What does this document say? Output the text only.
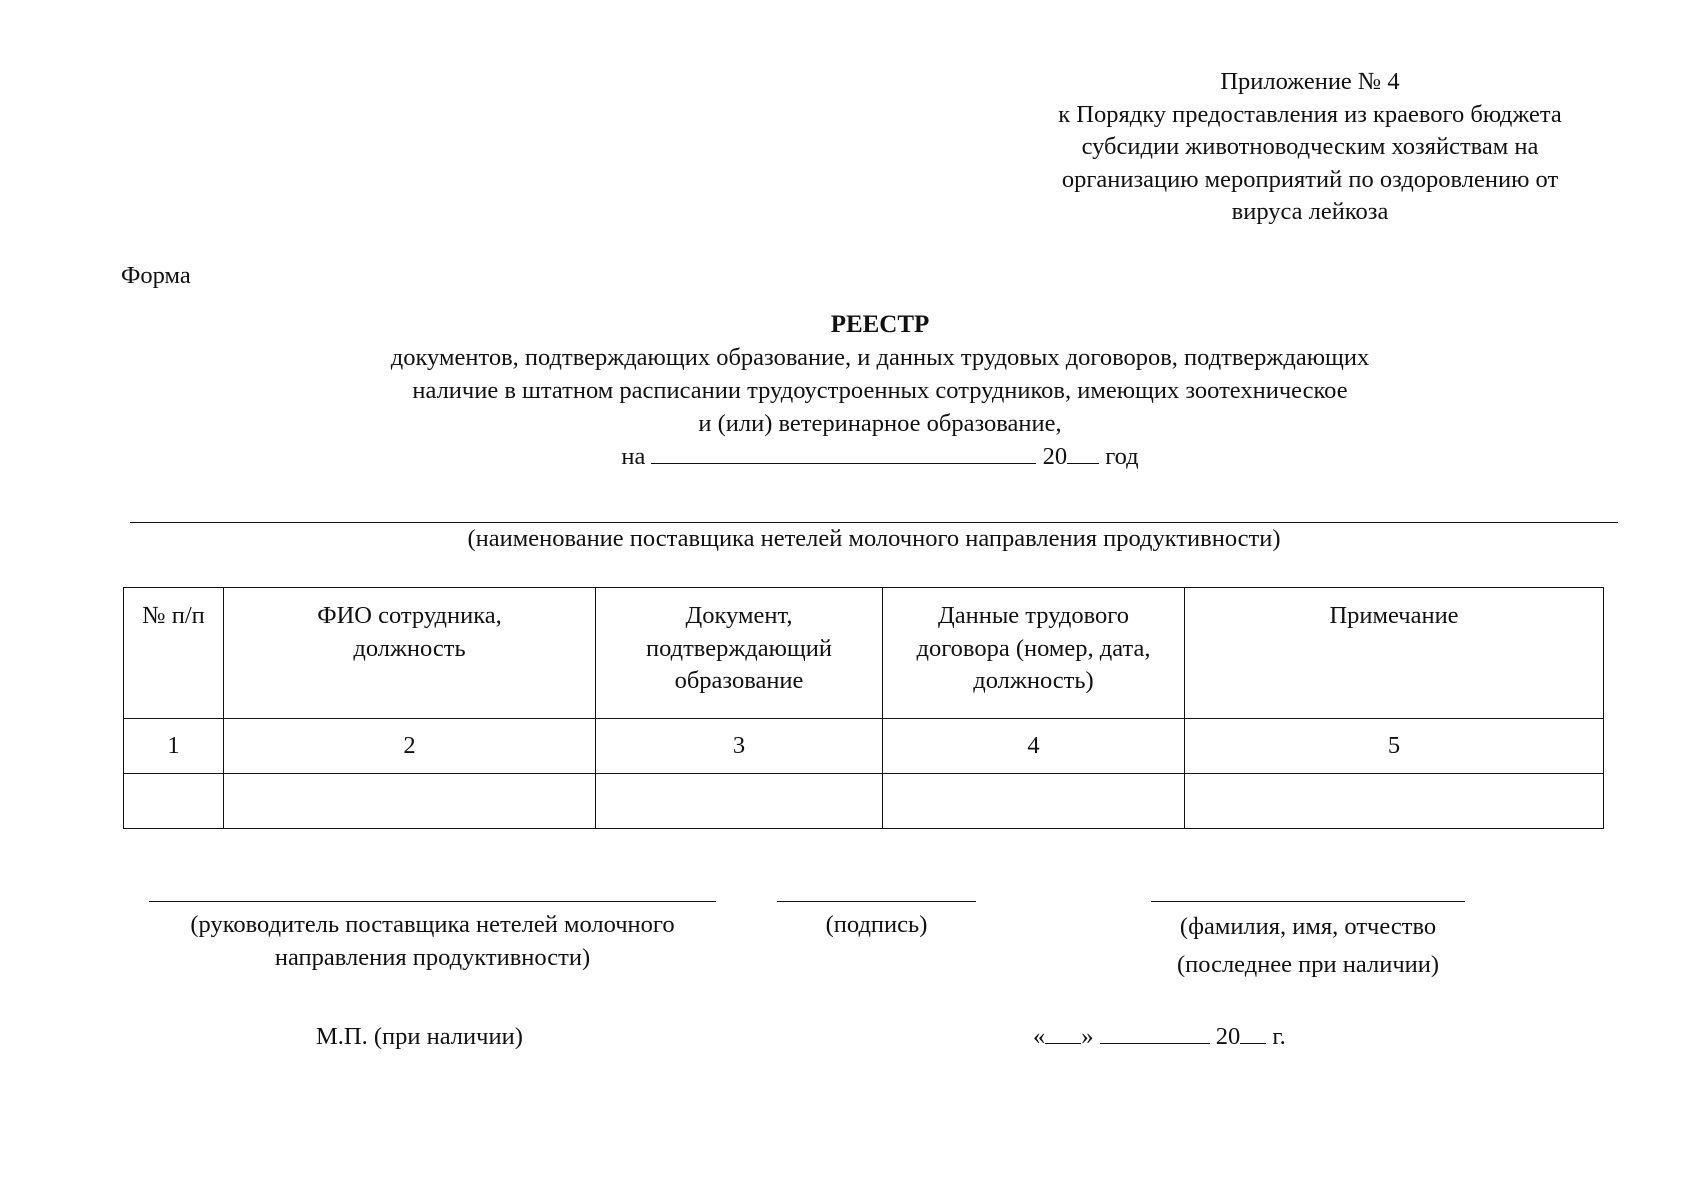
Приложение № 4
к Порядку предоставления из краевого бюджета
субсидии животноводческим хозяйствам на
организацию мероприятий по оздоровлению от
вируса лейкоза
Форма
РЕЕСТР
документов, подтверждающих образование, и данных трудовых договоров, подтверждающих
наличие в штатном расписании трудоустроенных сотрудников, имеющих зоотехническое
и (или) ветеринарное образование,
на	20 год
(наименование поставщика нетелей молочного направления продуктивности)
№ п/п	ФИО сотрудника, должность	Документ, подтверждающий образование	Данные трудового договора (номер, дата, должность)	Примечание
1	2	3	4	5

(руководитель поставщика нетелей молочного
направления продуктивности)
(подпись)	(фамилия, имя, отчество
(последнее при наличии)
М.П. (при наличии)	« »	20 г.
